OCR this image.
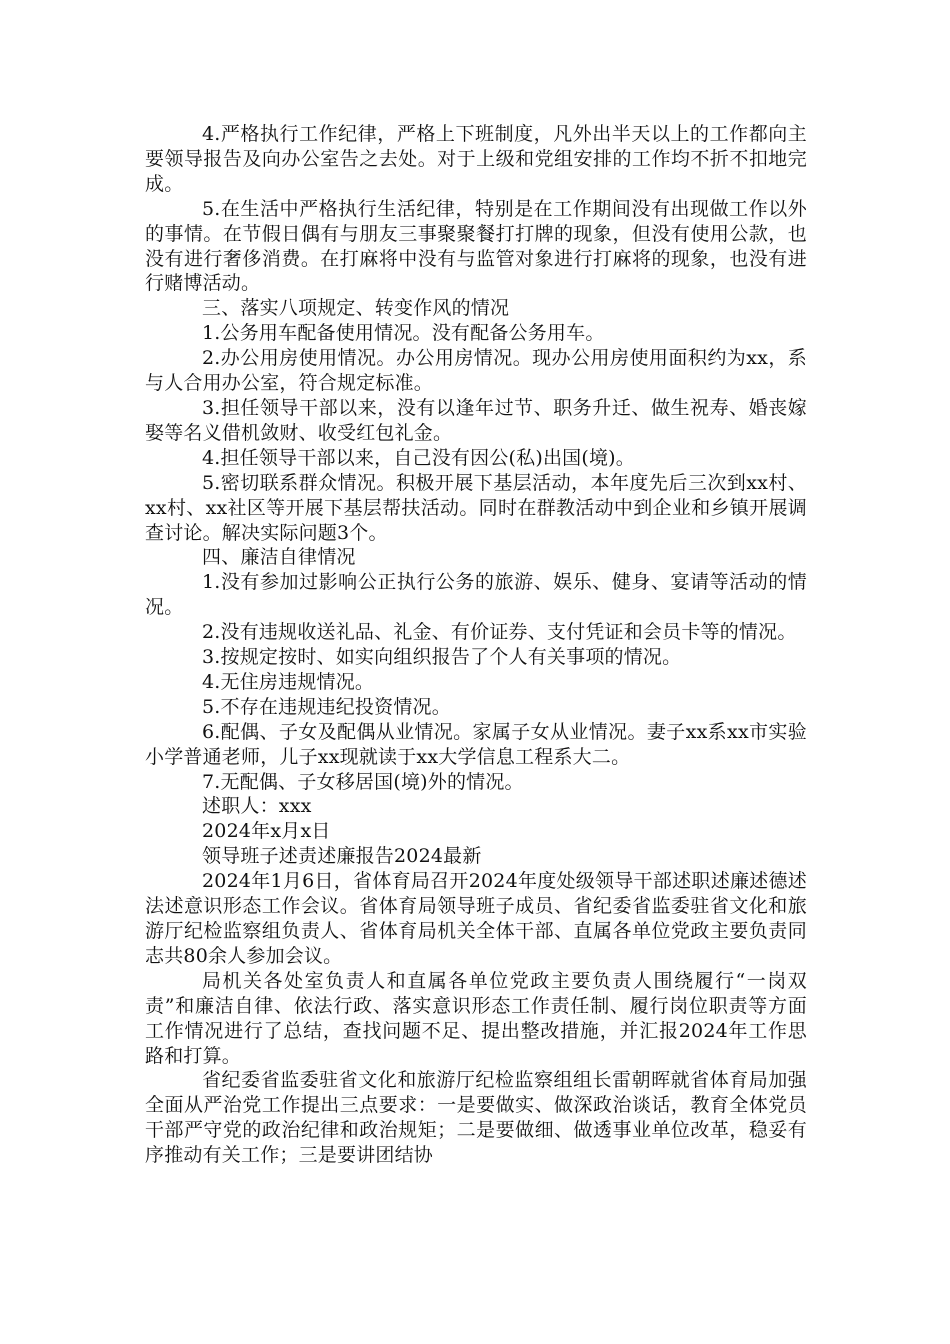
4.严格执行工作纪律，严格上下班制度，凡外出半天以上的工作都向主要领导报告及向办公室告之去处。对于上级和党组安排的工作均不折不扣地完成。

5.在生活中严格执行生活纪律，特别是在工作期间没有出现做工作以外的事情。在节假日偶有与朋友三事聚聚餐打打牌的现象，但没有使用公款，也没有进行奢侈消费。在打麻将中没有与监管对象进行打麻将的现象，也没有进行赌博活动。

三、落实八项规定、转变作风的情况

1.公务用车配备使用情况。没有配备公务用车。

2.办公用房使用情况。办公用房情况。现办公用房使用面积约为xx，系与人合用办公室，符合规定标准。

3.担任领导干部以来，没有以逢年过节、职务升迁、做生祝寿、婚丧嫁娶等名义借机敛财、收受红包礼金。

4.担任领导干部以来，自己没有因公(私)出国(境)。

5.密切联系群众情况。积极开展下基层活动，本年度先后三次到xx村、xx村、xx社区等开展下基层帮扶活动。同时在群教活动中到企业和乡镇开展调查讨论。解决实际问题3个。

四、廉洁自律情况

1.没有参加过影响公正执行公务的旅游、娱乐、健身、宴请等活动的情况。

2.没有违规收送礼品、礼金、有价证券、支付凭证和会员卡等的情况。

3.按规定按时、如实向组织报告了个人有关事项的情况。

4.无住房违规情况。

5.不存在违规违纪投资情况。

6.配偶、子女及配偶从业情况。家属子女从业情况。妻子xx系xx市实验小学普通老师，儿子xx现就读于xx大学信息工程系大二。

7.无配偶、子女移居国(境)外的情况。

述职人：xxx

2024年x月x日

领导班子述责述廉报告2024最新

2024年1月6日，省体育局召开2024年度处级领导干部述职述廉述德述法述意识形态工作会议。省体育局领导班子成员、省纪委省监委驻省文化和旅游厅纪检监察组负责人、省体育局机关全体干部、直属各单位党政主要负责同志共80余人参加会议。

局机关各处室负责人和直属各单位党政主要负责人围绕履行“一岗双责”和廉洁自律、依法行政、落实意识形态工作责任制、履行岗位职责等方面工作情况进行了总结，查找问题不足、提出整改措施，并汇报2024年工作思路和打算。

省纪委省监委驻省文化和旅游厅纪检监察组组长雷朝晖就省体育局加强全面从严治党工作提出三点要求：一是要做实、做深政治谈话，教育全体党员干部严守党的政治纪律和政治规矩；二是要做细、做透事业单位改革，稳妥有序推动有关工作；三是要讲团结协
